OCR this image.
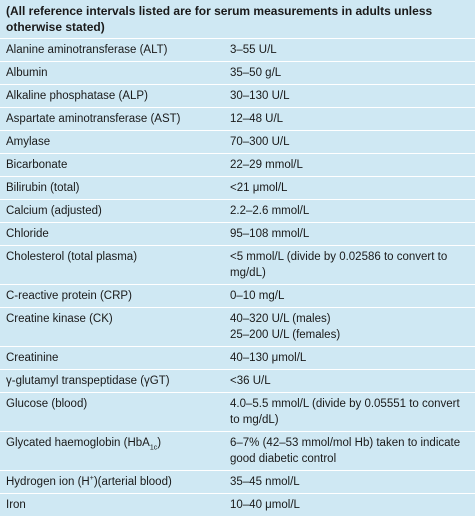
(All reference intervals listed are for serum measurements in adults unless otherwise stated)
Alanine aminotransferase (ALT)	3–55 U/L
Albumin	35–50 g/L
Alkaline phosphatase (ALP)	30–130 U/L
Aspartate aminotransferase (AST)	12–48 U/L
Amylase	70–300 U/L
Bicarbonate	22–29 mmol/L
Bilirubin (total)	<21 μmol/L
Calcium (adjusted)	2.2–2.6 mmol/L
Chloride	95–108 mmol/L
Cholesterol (total plasma)	<5 mmol/L (divide by 0.02586 to convert to mg/dL)
C-reactive protein (CRP)	0–10 mg/L
Creatine kinase (CK)	40–320 U/L (males)
25–200 U/L (females)
Creatinine	40–130 μmol/L
γ-glutamyl transpeptidase (γGT)	<36 U/L
Glucose (blood)	4.0–5.5 mmol/L (divide by 0.05551 to convert to mg/dL)
Glycated haemoglobin (HbA$_{1c}$)	6–7% (42–53 mmol/mol Hb) taken to indicate good diabetic control
Hydrogen ion (H+)(arterial blood)	35–45 nmol/L
Iron	10–40 μmol/L
